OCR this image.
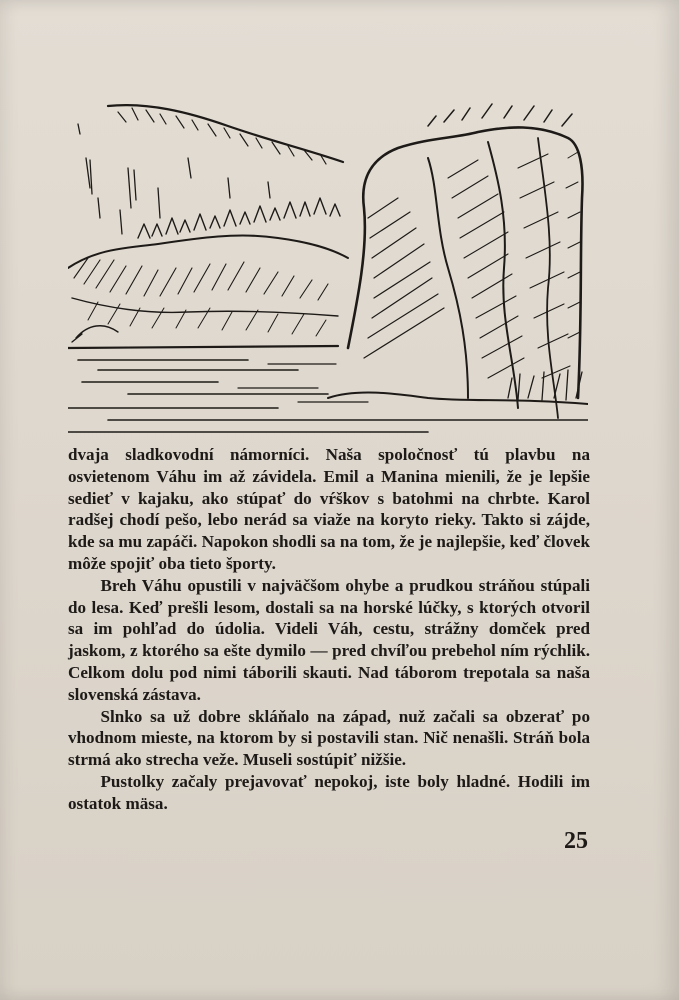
dvaja sladkovodní námorníci. Naša spoločnosť tú plavbu na osvietenom Váhu im až závidela. Emil a Manina mienili, že je lepšie sedieť v kajaku, ako stúpať do vŕškov s batohmi na chrbte. Karol radšej chodí pešo, lebo nerád sa viaže na koryto rieky. Takto si zájde, kde sa mu zapáči. Napokon shodli sa na tom, že je najlepšie, keď človek môže spojiť oba tieto športy.

Breh Váhu opustili v najväčšom ohybe a prudkou stráňou stúpali do lesa. Keď prešli lesom, dostali sa na horské lúčky, s ktorých otvoril sa im pohľad do údolia. Videli Váh, cestu, strážny domček pred jaskom, z ktorého sa ešte dymilo — pred chvíľou prebehol ním rýchlik. Celkom dolu pod nimi táborili skauti. Nad táborom trepotala sa naša slovenská zástava.

Slnko sa už dobre skláňalo na západ, nuž začali sa obzerať po vhodnom mieste, na ktorom by si postavili stan. Nič nenašli. Stráň bola strmá ako strecha veže. Museli sostúpiť nižšie.

Pustolky začaly prejavovať nepokoj, iste boly hladné. Hodili im ostatok mäsa.

25
